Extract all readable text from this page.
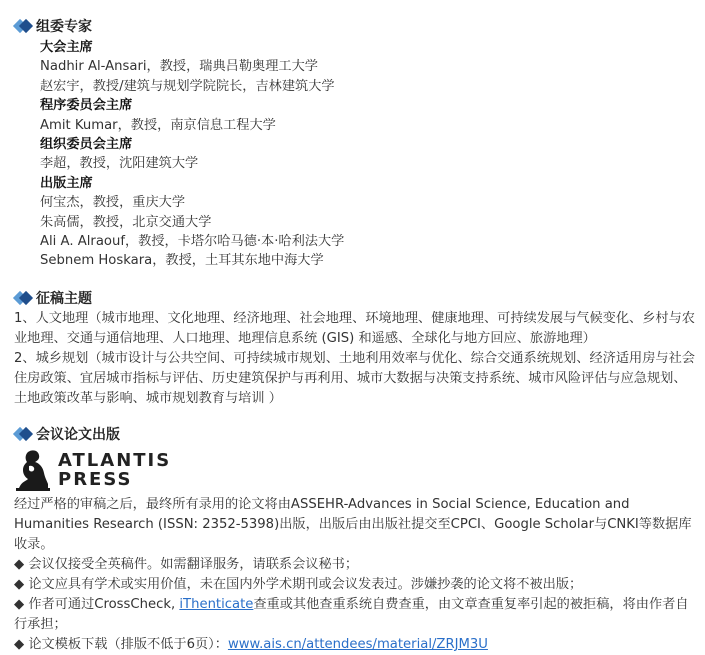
组委专家
大会主席
Nadhir Al-Ansari，教授，瑞典吕勒奥理工大学
赵宏宇，教授/建筑与规划学院院长，吉林建筑大学
程序委员会主席
Amit Kumar，教授，南京信息工程大学
组织委员会主席
李超，教授，沈阳建筑大学
出版主席
何宝杰，教授，重庆大学
朱高儒，教授，北京交通大学
Ali A. Alraouf，教授，卡塔尔哈马德·本·哈利法大学
Sebnem Hoskara，教授，土耳其东地中海大学
征稿主题
1、人文地理（城市地理、文化地理、经济地理、社会地理、环境地理、健康地理、可持续发展与气候变化、乡村与农业地理、交通与通信地理、人口地理、地理信息系统 (GIS) 和遥感、全球化与地方回应、旅游地理）
2、城乡规划（城市设计与公共空间、可持续城市规划、土地利用效率与优化、综合交通系统规划、经济适用房与社会住房政策、宜居城市指标与评估、历史建筑保护与再利用、城市大数据与决策支持系统、城市风险评估与应急规划、土地政策改革与影响、城市规划教育与培训 ）
会议论文出版
ATLANTIS
PRESS
经过严格的审稿之后，最终所有录用的论文将由ASSEHR-Advances in Social Science, Education and Humanities Research (ISSN: 2352-5398)出版，出版后由出版社提交至CPCI、Google Scholar与CNKI等数据库收录。
◆ 会议仅接受全英稿件。如需翻译服务，请联系会议秘书；
◆ 论文应具有学术或实用价值，未在国内外学术期刊或会议发表过。涉嫌抄袭的论文将不被出版；
◆ 作者可通过CrossCheck, iThenticate查重或其他查重系统自费查重，由文章查重复率引起的被拒稿，将由作者自行承担；
◆ 论文模板下载（排版不低于6页）：www.ais.cn/attendees/material/ZRJM3U
